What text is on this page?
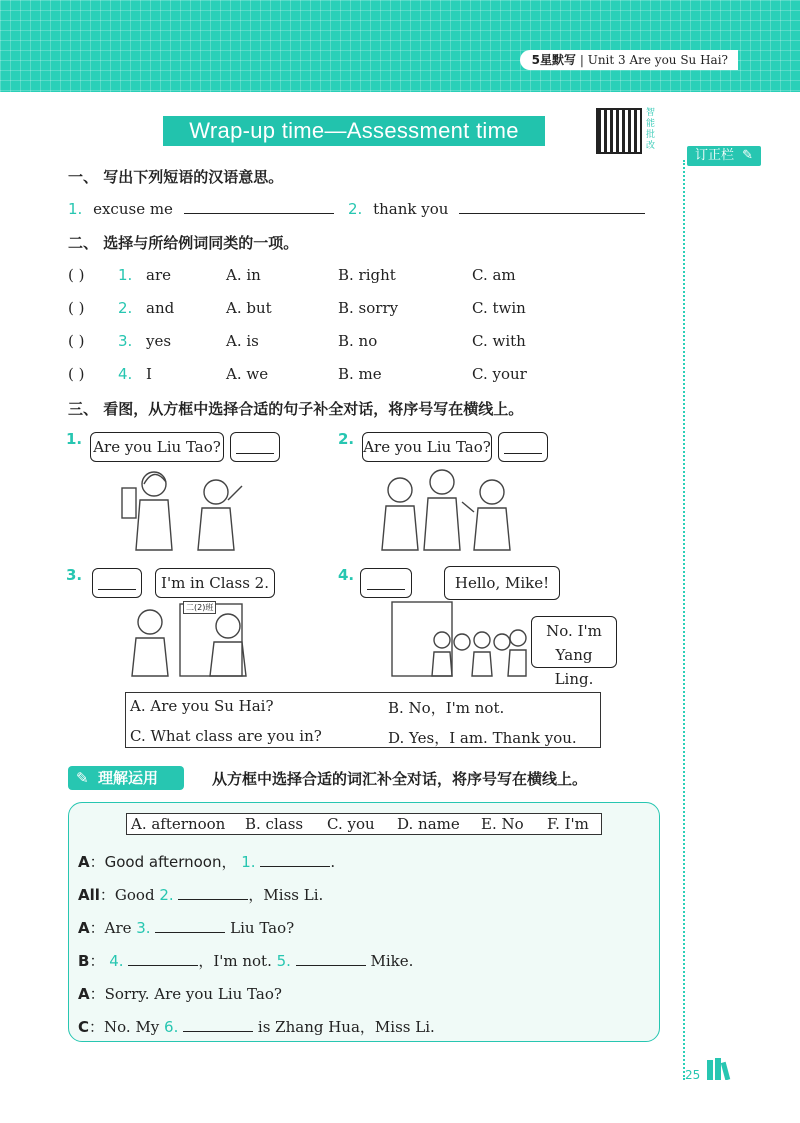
5星默写 | Unit 3 Are you Su Hai?
Wrap-up time—Assessment time
智能批改
订正栏 ✎
一、 写出下列短语的汉语意思。
1. excuse me	2. thank you
二、 选择与所给例词同类的一项。
( ) 1. are	A. in	B. right	C. am
( ) 2. and	A. but	B. sorry	C. twin
( ) 3. yes	A. is	B. no	C. with
( ) 4. I	A. we	B. me	C. your
三、 看图，从方框中选择合适的句子补全对话，将序号写在横线上。
1. Are you Liu Tao?	2. Are you Liu Tao?
3.	I'm in Class 2.
二(2)班
4.	Hello, Mike!
No. I'm Yang Ling.
A. Are you Su Hai?	B. No，I'm not.
C. What class are you in?	D. Yes，I am. Thank you.
✎ 理解运用	从方框中选择合适的词汇补全对话，将序号写在横线上。
A. afternoon B. class C. you D. name E. No F. I'm
A：Good afternoon， 1.	.
All：Good 2.	，Miss Li.
A：Are 3.	Liu Tao?
B： 4.	，I'm not. 5.	Mike.
A：Sorry. Are you Liu Tao?
C：No. My 6.	is Zhang Hua，Miss Li.
25
